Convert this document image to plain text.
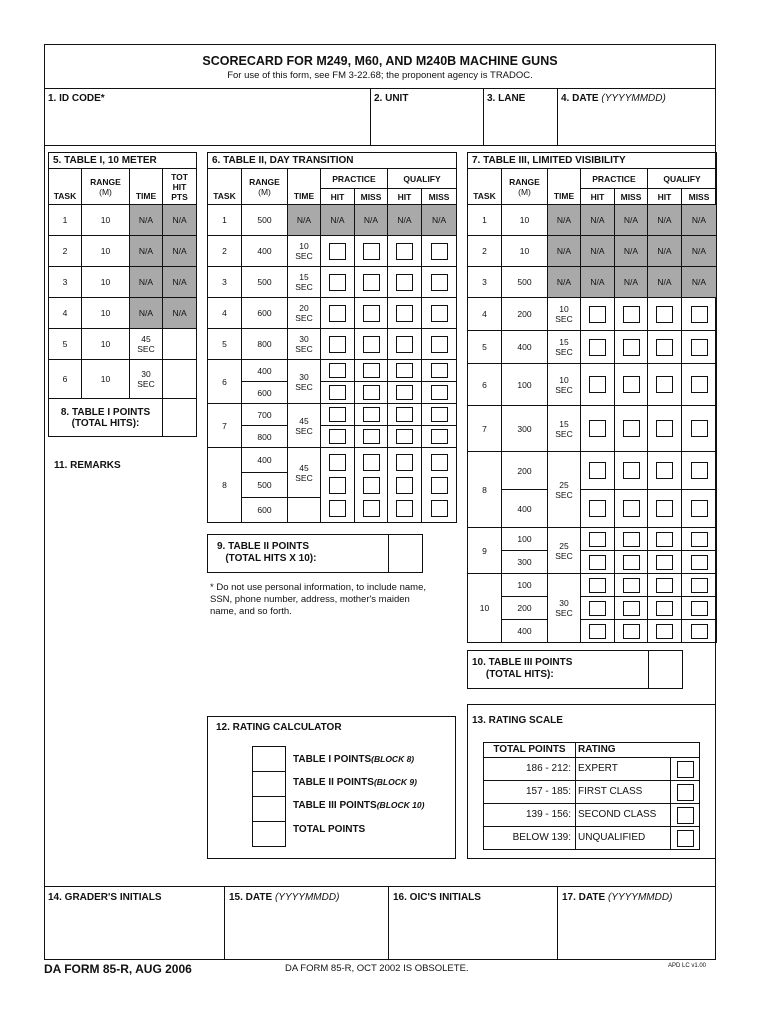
SCORECARD FOR M249, M60, AND M240B MACHINE GUNS
For use of this form, see FM 3-22.68; the proponent agency is TRADOC.
1. ID CODE*	2. UNIT	3. LANE	4. DATE (YYYYMMDD)
5. TABLE I, 10 METER			
TASK	RANGE
(M)	TIME	TOT
HIT
PTS
1	10	N/A	N/A
2	10	N/A	N/A
3	10	N/A	N/A
4	10	N/A	N/A
5	10	45
SEC	
6	10	30
SEC	
8. TABLE I POINTS
(TOTAL HITS):			
11. REMARKS
6. TABLE II, DAY TRANSITION						
TASK	RANGE
(M)	TIME	PRACTICE		QUALIFY	
			HIT	MISS	HIT	MISS
1	500	N/A	N/A	N/A	N/A	N/A
2	400	10
SEC				
3	500	15
SEC				
4	600	20
SEC				
5	800	30
SEC				
6	400	30
SEC				
	600					
7	700	45
SEC				
	800					
8	400	45
SEC	

	500					
	600					
9. TABLE II POINTS
(TOTAL HITS X 10):
* Do not use personal information, to include name, SSN, phone number, address, mother's maiden name, and so forth.
7. TABLE III, LIMITED VISIBILITY						
TASK	RANGE
(M)	TIME	PRACTICE		QUALIFY	
			HIT	MISS	HIT	MISS
1	10	N/A	N/A	N/A	N/A	N/A
2	10	N/A	N/A	N/A	N/A	N/A
3	500	N/A	N/A	N/A	N/A	N/A
4	200	10
SEC				
5	400	15
SEC				
6	100	10
SEC				
7	300	15
SEC				
8	200	25
SEC				
	400					
9	100	25
SEC				
	300					
10	100	30
SEC				
	200					
	400					
10. TABLE III POINTS
(TOTAL HITS):
12. RATING CALCULATOR
TABLE I POINTS(BLOCK 8)
TABLE II POINTS(BLOCK 9)
TABLE III POINTS(BLOCK 10)
TOTAL POINTS
13. RATING SCALE
TOTAL POINTS	RATING	
186 - 212:	EXPERT	
157 - 185:	FIRST CLASS	
139 - 156:	SECOND CLASS	
BELOW 139:	UNQUALIFIED	
14. GRADER'S INITIALS	15. DATE (YYYYMMDD)	16. OIC'S INITIALS	17. DATE (YYYYMMDD)
DA FORM 85-R, AUG 2006	DA FORM 85-R, OCT 2002 IS OBSOLETE.	APD LC v1.00
